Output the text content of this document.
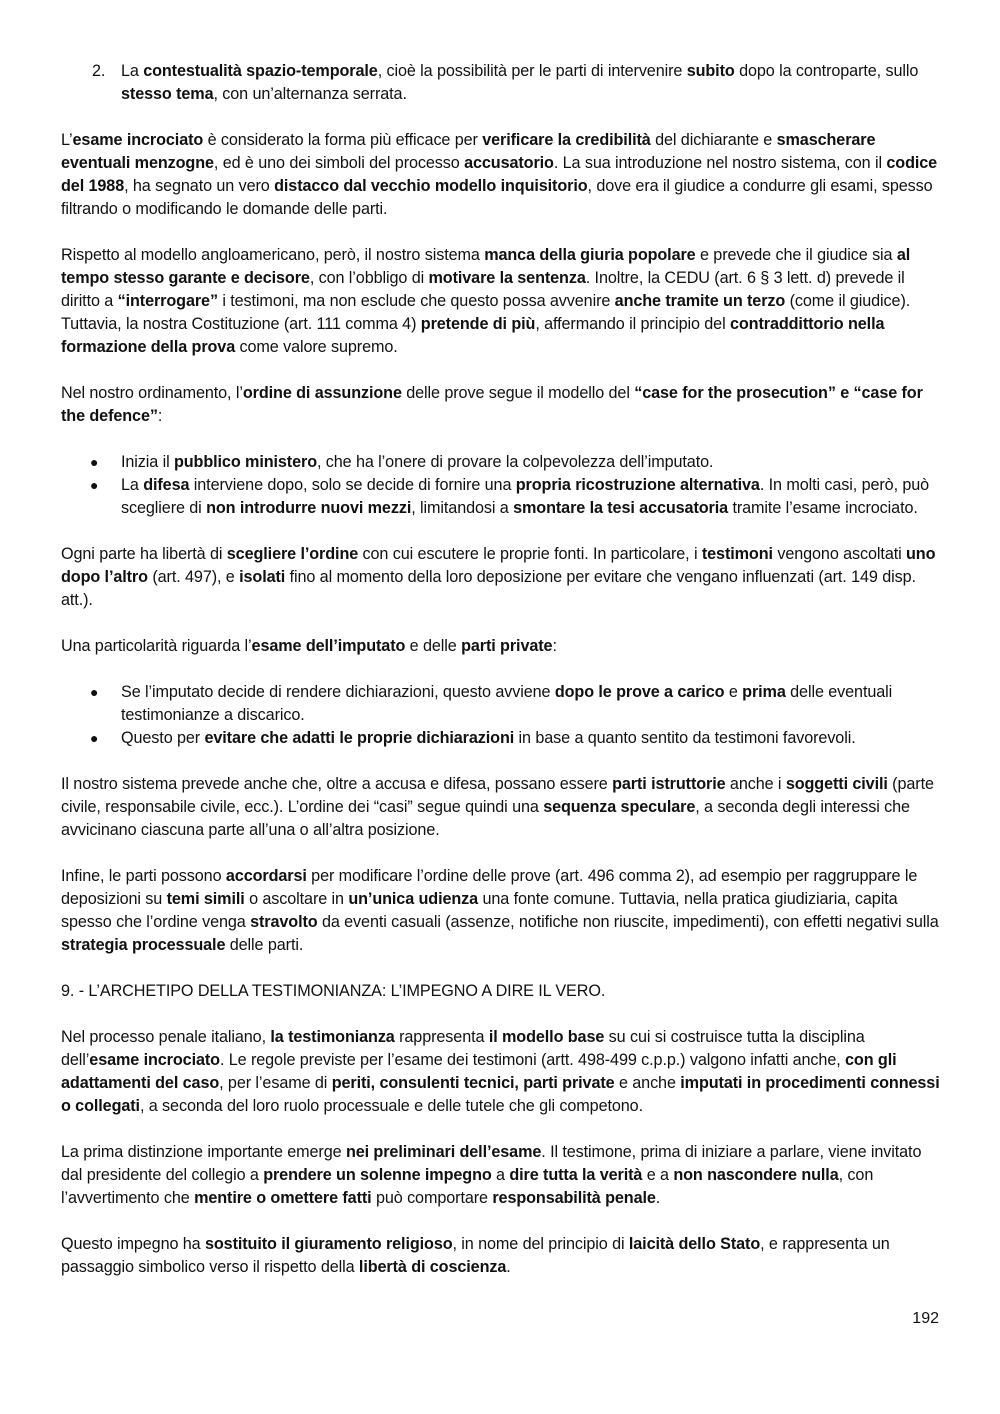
2. La contestualità spazio-temporale, cioè la possibilità per le parti di intervenire subito dopo la controparte, sullo stesso tema, con un’alternanza serrata.

L’esame incrociato è considerato la forma più efficace per verificare la credibilità del dichiarante e smascherare eventuali menzogne, ed è uno dei simboli del processo accusatorio. La sua introduzione nel nostro sistema, con il codice del 1988, ha segnato un vero distacco dal vecchio modello inquisitorio, dove era il giudice a condurre gli esami, spesso filtrando o modificando le domande delle parti.

Rispetto al modello angloamericano, però, il nostro sistema manca della giuria popolare e prevede che il giudice sia al tempo stesso garante e decisore, con l’obbligo di motivare la sentenza. Inoltre, la CEDU (art. 6 § 3 lett. d) prevede il diritto a “interrogare” i testimoni, ma non esclude che questo possa avvenire anche tramite un terzo (come il giudice). Tuttavia, la nostra Costituzione (art. 111 comma 4) pretende di più, affermando il principio del contraddittorio nella formazione della prova come valore supremo.

Nel nostro ordinamento, l’ordine di assunzione delle prove segue il modello del “case for the prosecution” e “case for the defence”:

● Inizia il pubblico ministero, che ha l’onere di provare la colpevolezza dell’imputato.
● La difesa interviene dopo, solo se decide di fornire una propria ricostruzione alternativa. In molti casi, però, può scegliere di non introdurre nuovi mezzi, limitandosi a smontare la tesi accusatoria tramite l’esame incrociato.

Ogni parte ha libertà di scegliere l’ordine con cui escutere le proprie fonti. In particolare, i testimoni vengono ascoltati uno dopo l’altro (art. 497), e isolati fino al momento della loro deposizione per evitare che vengano influenzati (art. 149 disp. att.).

Una particolarità riguarda l’esame dell’imputato e delle parti private:

● Se l’imputato decide di rendere dichiarazioni, questo avviene dopo le prove a carico e prima delle eventuali testimonianze a discarico.
● Questo per evitare che adatti le proprie dichiarazioni in base a quanto sentito da testimoni favorevoli.

Il nostro sistema prevede anche che, oltre a accusa e difesa, possano essere parti istruttorie anche i soggetti civili (parte civile, responsabile civile, ecc.). L’ordine dei “casi” segue quindi una sequenza speculare, a seconda degli interessi che avvicinano ciascuna parte all’una o all’altra posizione.

Infine, le parti possono accordarsi per modificare l’ordine delle prove (art. 496 comma 2), ad esempio per raggruppare le deposizioni su temi simili o ascoltare in un’unica udienza una fonte comune. Tuttavia, nella pratica giudiziaria, capita spesso che l’ordine venga stravolto da eventi casuali (assenze, notifiche non riuscite, impedimenti), con effetti negativi sulla strategia processuale delle parti.

9. - L’ARCHETIPO DELLA TESTIMONIANZA: L’IMPEGNO A DIRE IL VERO.

Nel processo penale italiano, la testimonianza rappresenta il modello base su cui si costruisce tutta la disciplina dell’esame incrociato. Le regole previste per l’esame dei testimoni (artt. 498-499 c.p.p.) valgono infatti anche, con gli adattamenti del caso, per l’esame di periti, consulenti tecnici, parti private e anche imputati in procedimenti connessi o collegati, a seconda del loro ruolo processuale e delle tutele che gli competono.

La prima distinzione importante emerge nei preliminari dell’esame. Il testimone, prima di iniziare a parlare, viene invitato dal presidente del collegio a prendere un solenne impegno a dire tutta la verità e a non nascondere nulla, con l’avvertimento che mentire o omettere fatti può comportare responsabilità penale.

Questo impegno ha sostituito il giuramento religioso, in nome del principio di laicità dello Stato, e rappresenta un passaggio simbolico verso il rispetto della libertà di coscienza.

192
